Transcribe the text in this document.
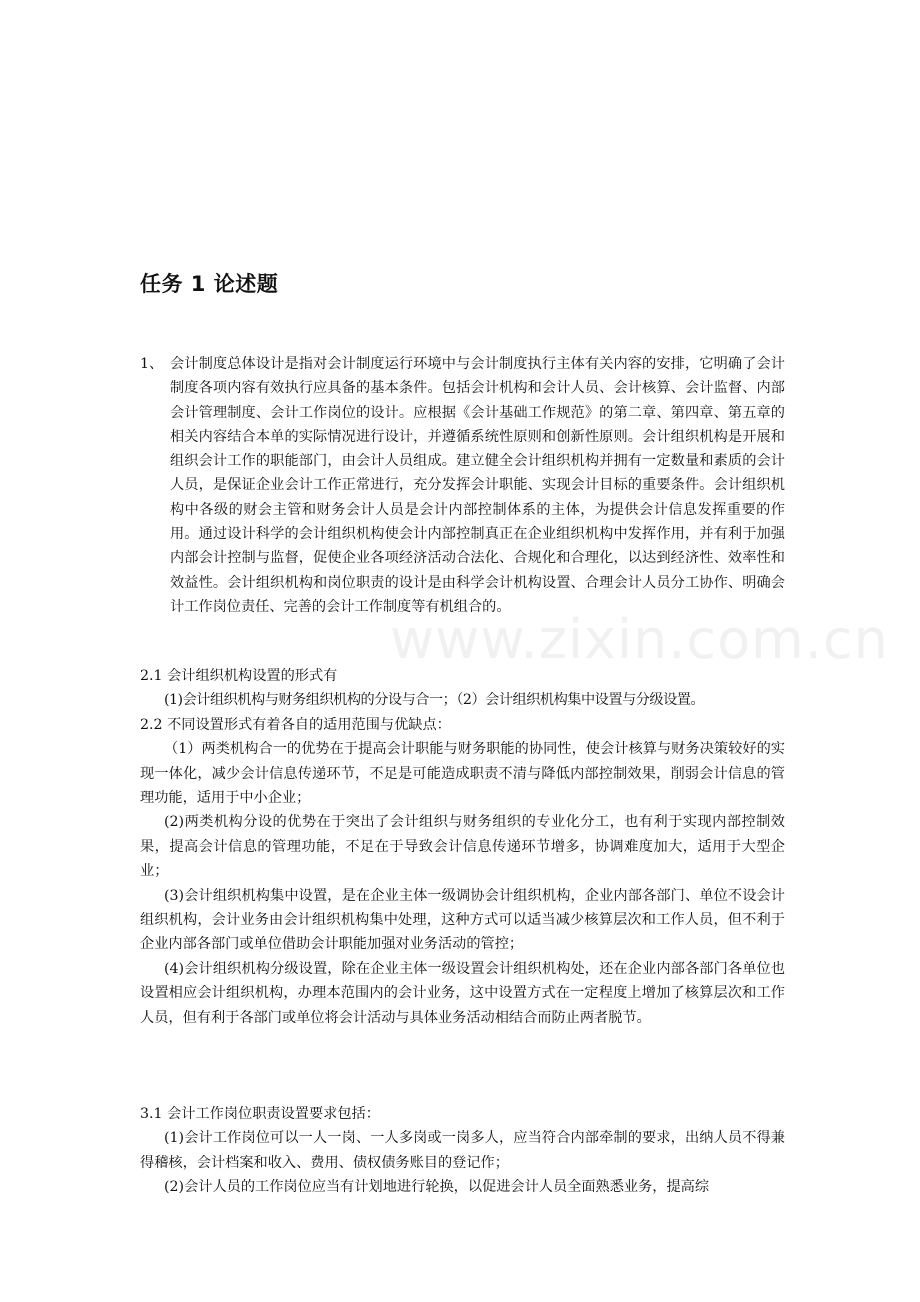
www.zixin.com.cn
任务 1 论述题
1、 会计制度总体设计是指对会计制度运行环境中与会计制度执行主体有关内容的安排，它明确了会计制度各项内容有效执行应具备的基本条件。包括会计机构和会计人员、会计核算、会计监督、内部会计管理制度、会计工作岗位的设计。应根据《会计基础工作规范》的第二章、第四章、第五章的相关内容结合本单的实际情况进行设计，并遵循系统性原则和创新性原则。会计组织机构是开展和组织会计工作的职能部门，由会计人员组成。建立健全会计组织机构并拥有一定数量和素质的会计人员，是保证企业会计工作正常进行，充分发挥会计职能、实现会计目标的重要条件。会计组织机构中各级的财会主管和财务会计人员是会计内部控制体系的主体，为提供会计信息发挥重要的作用。通过设计科学的会计组织机构使会计内部控制真正在企业组织机构中发挥作用，并有利于加强内部会计控制与监督，促使企业各项经济活动合法化、合规化和合理化，以达到经济性、效率性和效益性。会计组织机构和岗位职责的设计是由科学会计机构设置、合理会计人员分工协作、明确会计工作岗位责任、完善的会计工作制度等有机组合的。

2.1 会计组织机构设置的形式有

(1)会计组织机构与财务组织机构的分设与合一；（2）会计组织机构集中设置与分级设置。

2.2 不同设置形式有着各自的适用范围与优缺点：

（1）两类机构合一的优势在于提高会计职能与财务职能的协同性，使会计核算与财务决策较好的实现一体化，减少会计信息传递环节，不足是可能造成职责不清与降低内部控制效果，削弱会计信息的管理功能，适用于中小企业；

(2)两类机构分设的优势在于突出了会计组织与财务组织的专业化分工，也有利于实现内部控制效果，提高会计信息的管理功能，不足在于导致会计信息传递环节增多，协调难度加大，适用于大型企业；

(3)会计组织机构集中设置，是在企业主体一级调协会计组织机构，企业内部各部门、单位不设会计组织机构，会计业务由会计组织机构集中处理，这种方式可以适当减少核算层次和工作人员，但不利于企业内部各部门或单位借助会计职能加强对业务活动的管控；

(4)会计组织机构分级设置，除在企业主体一级设置会计组织机构处，还在企业内部各部门各单位也设置相应会计组织机构，办理本范围内的会计业务，这中设置方式在一定程度上增加了核算层次和工作人员，但有利于各部门或单位将会计活动与具体业务活动相结合而防止两者脱节。

3.1 会计工作岗位职责设置要求包括：

(1)会计工作岗位可以一人一岗、一人多岗或一岗多人，应当符合内部牵制的要求，出纳人员不得兼得稽核，会计档案和收入、费用、债权债务账目的登记作；

(2)会计人员的工作岗位应当有计划地进行轮换，以促进会计人员全面熟悉业务，提高综
